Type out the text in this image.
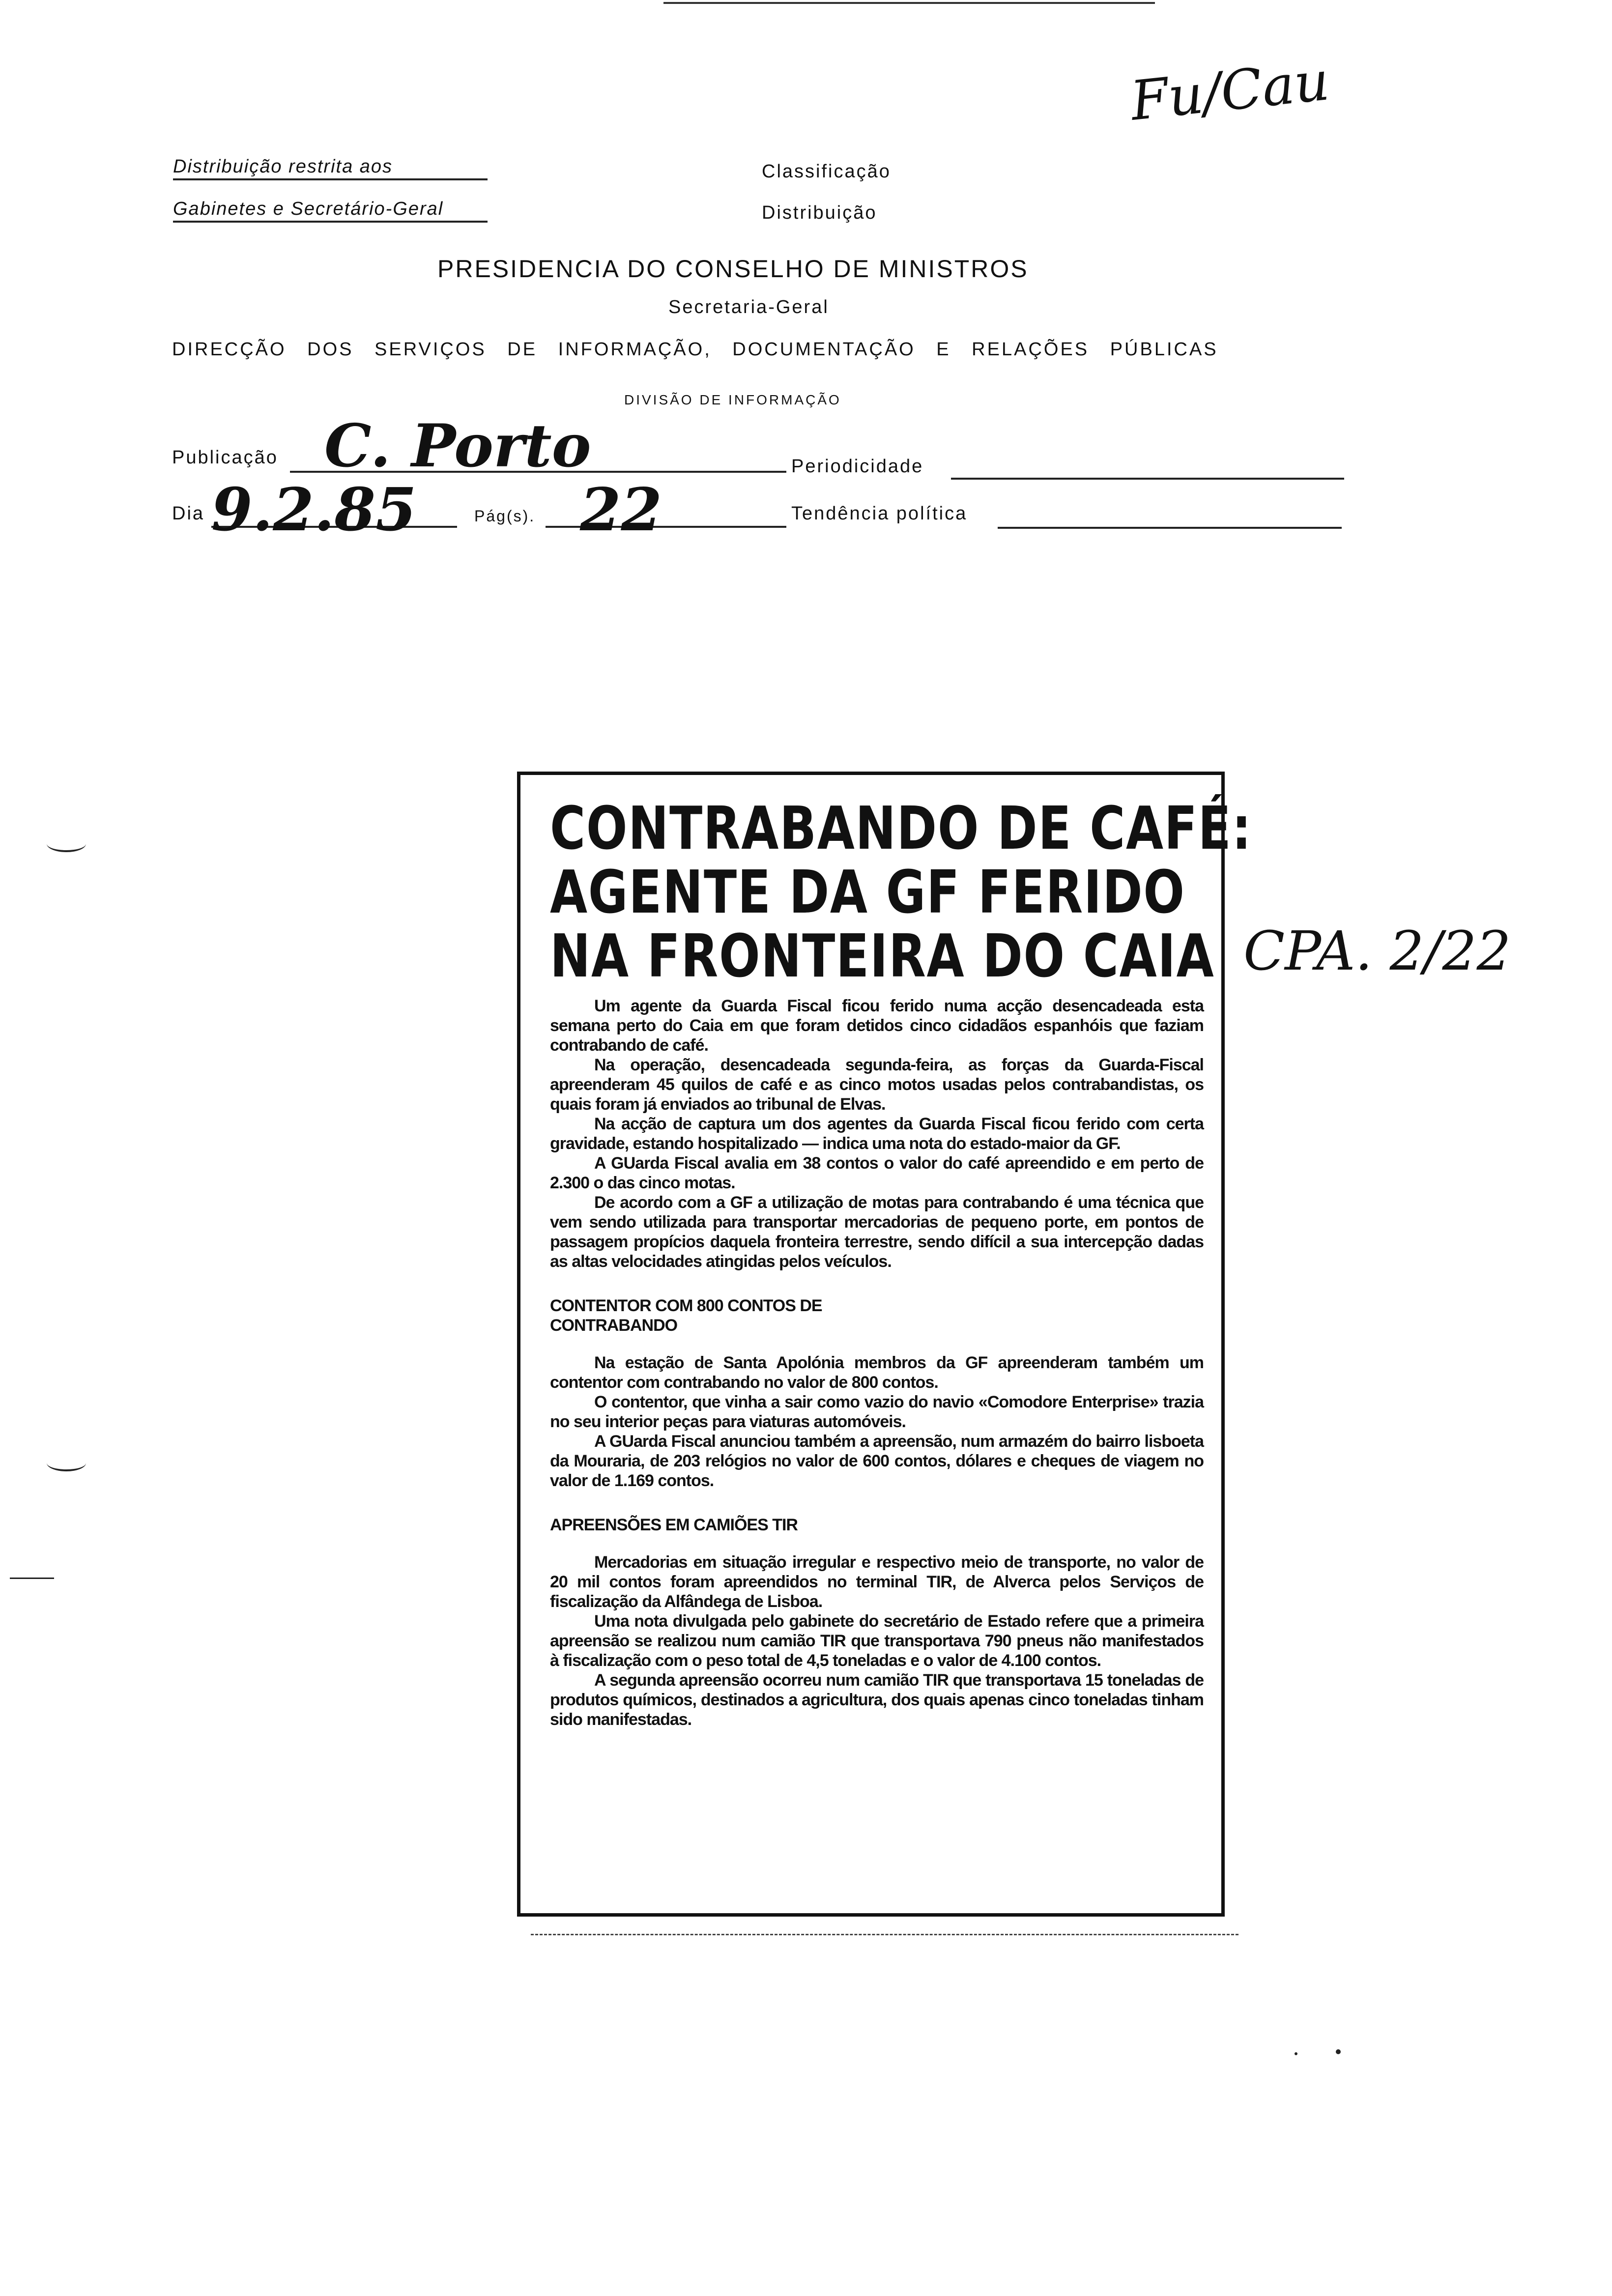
Fu/Cau
Distribuição restrita aos
Gabinetes e Secretário-Geral
Classificação
Distribuição
PRESIDENCIA DO CONSELHO DE MINISTROS
Secretaria-Geral
DIRECÇÃO DOS SERVIÇOS DE INFORMAÇÃO, DOCUMENTAÇÃO E RELAÇÕES PÚBLICAS
DIVISÃO DE INFORMAÇÃO
Publicação C. Porto	Periodicidade
Dia 9.2.85	Pág(s). 22	Tendência política
CONTRABANDO DE CAFÉ:
AGENTE DA GF FERIDO
NA FRONTEIRA DO CAIA

Um agente da Guarda Fiscal ficou ferido numa acção desencadeada esta semana perto do Caia em que foram detidos cinco cidadãos espanhóis que faziam contrabando de café.

Na operação, desencadeada segunda-feira, as forças da Guarda-Fiscal apreenderam 45 quilos de café e as cinco motos usadas pelos contrabandistas, os quais foram já enviados ao tribunal de Elvas.

Na acção de captura um dos agentes da Guarda Fiscal ficou ferido com certa gravidade, estando hospitalizado — indica uma nota do estado-maior da GF.

A GUarda Fiscal avalia em 38 contos o valor do café apreendido e em perto de 2.300 o das cinco motas.

De acordo com a GF a utilização de motas para contrabando é uma técnica que vem sendo utilizada para transportar mercadorias de pequeno porte, em pontos de passagem propícios daquela fronteira terrestre, sendo difícil a sua intercepção dadas as altas velocidades atingidas pelos veículos.

CONTENTOR COM 800 CONTOS DE CONTRABANDO

Na estação de Santa Apolónia membros da GF apreenderam também um contentor com contrabando no valor de 800 contos.

O contentor, que vinha a sair como vazio do navio «Comodore Enterprise» trazia no seu interior peças para viaturas automóveis.

A GUarda Fiscal anunciou também a apreensão, num armazém do bairro lisboeta da Mouraria, de 203 relógios no valor de 600 contos, dólares e cheques de viagem no valor de 1.169 contos.

APREENSÕES EM CAMIÕES TIR

Mercadorias em situação irregular e respectivo meio de transporte, no valor de 20 mil contos foram apreendidos no terminal TIR, de Alverca pelos Serviços de fiscalização da Alfândega de Lisboa.

Uma nota divulgada pelo gabinete do secretário de Estado refere que a primeira apreensão se realizou num camião TIR que transportava 790 pneus não manifestados à fiscalização com o peso total de 4,5 toneladas e o valor de 4.100 contos.

A segunda apreensão ocorreu num camião TIR que transportava 15 toneladas de produtos químicos, destinados a agricultura, dos quais apenas cinco toneladas tinham sido manifestadas.

CPA. 2/22
